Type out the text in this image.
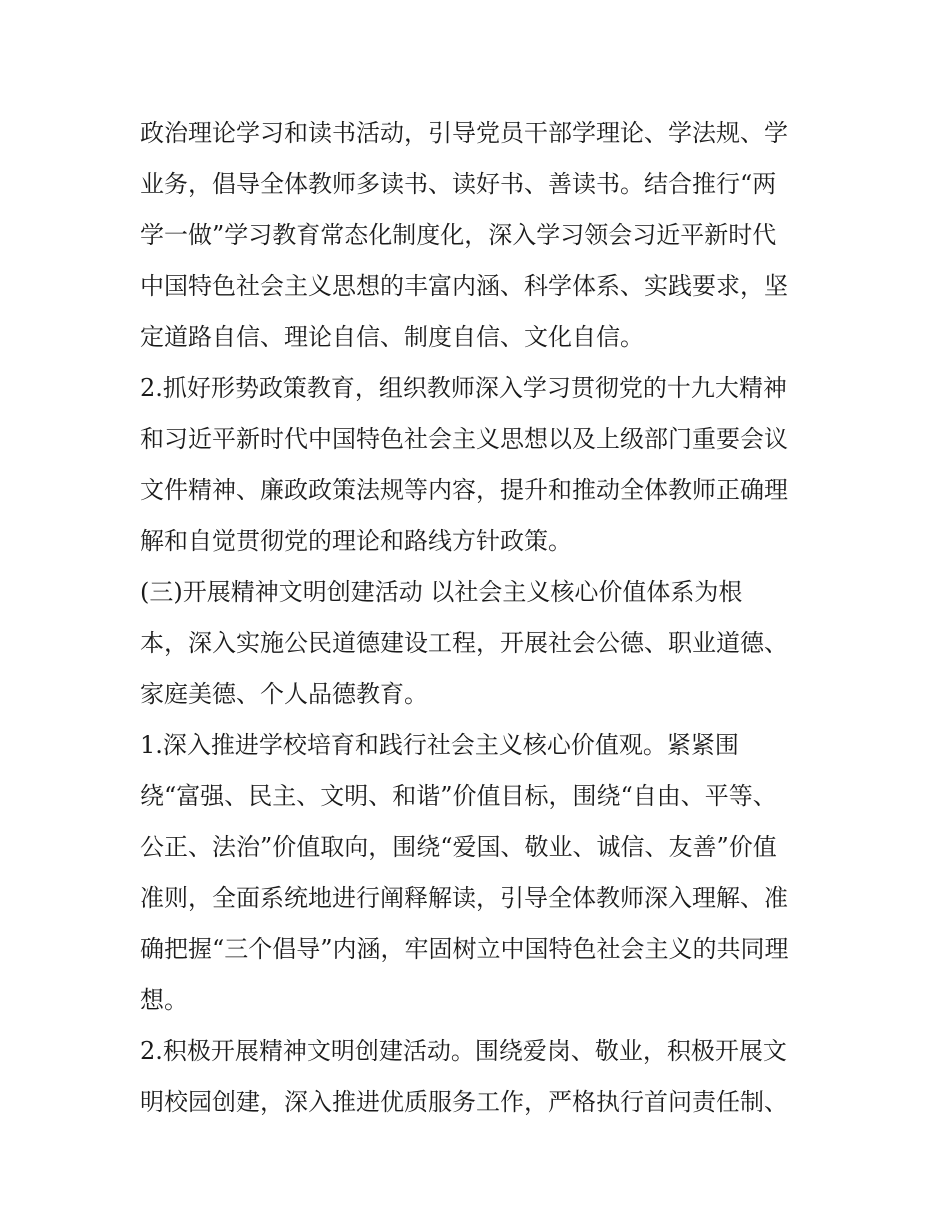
政治理论学习和读书活动，引导党员干部学理论、学法规、学
业务，倡导全体教师多读书、读好书、善读书。结合推行“两
学一做”学习教育常态化制度化，深入学习领会习近平新时代
中国特色社会主义思想的丰富内涵、科学体系、实践要求，坚
定道路自信、理论自信、制度自信、文化自信。
2.抓好形势政策教育，组织教师深入学习贯彻党的十九大精神
和习近平新时代中国特色社会主义思想以及上级部门重要会议
文件精神、廉政政策法规等内容，提升和推动全体教师正确理
解和自觉贯彻党的理论和路线方针政策。
(三)开展精神文明创建活动 以社会主义核心价值体系为根
本，深入实施公民道德建设工程，开展社会公德、职业道德、
家庭美德、个人品德教育。
1.深入推进学校培育和践行社会主义核心价值观。紧紧围
绕“富强、民主、文明、和谐”价值目标，围绕“自由、平等、
公正、法治”价值取向，围绕“爱国、敬业、诚信、友善”价值
准则，全面系统地进行阐释解读，引导全体教师深入理解、准
确把握“三个倡导”内涵，牢固树立中国特色社会主义的共同理
想。
2.积极开展精神文明创建活动。围绕爱岗、敬业，积极开展文
明校园创建，深入推进优质服务工作，严格执行首问责任制、
